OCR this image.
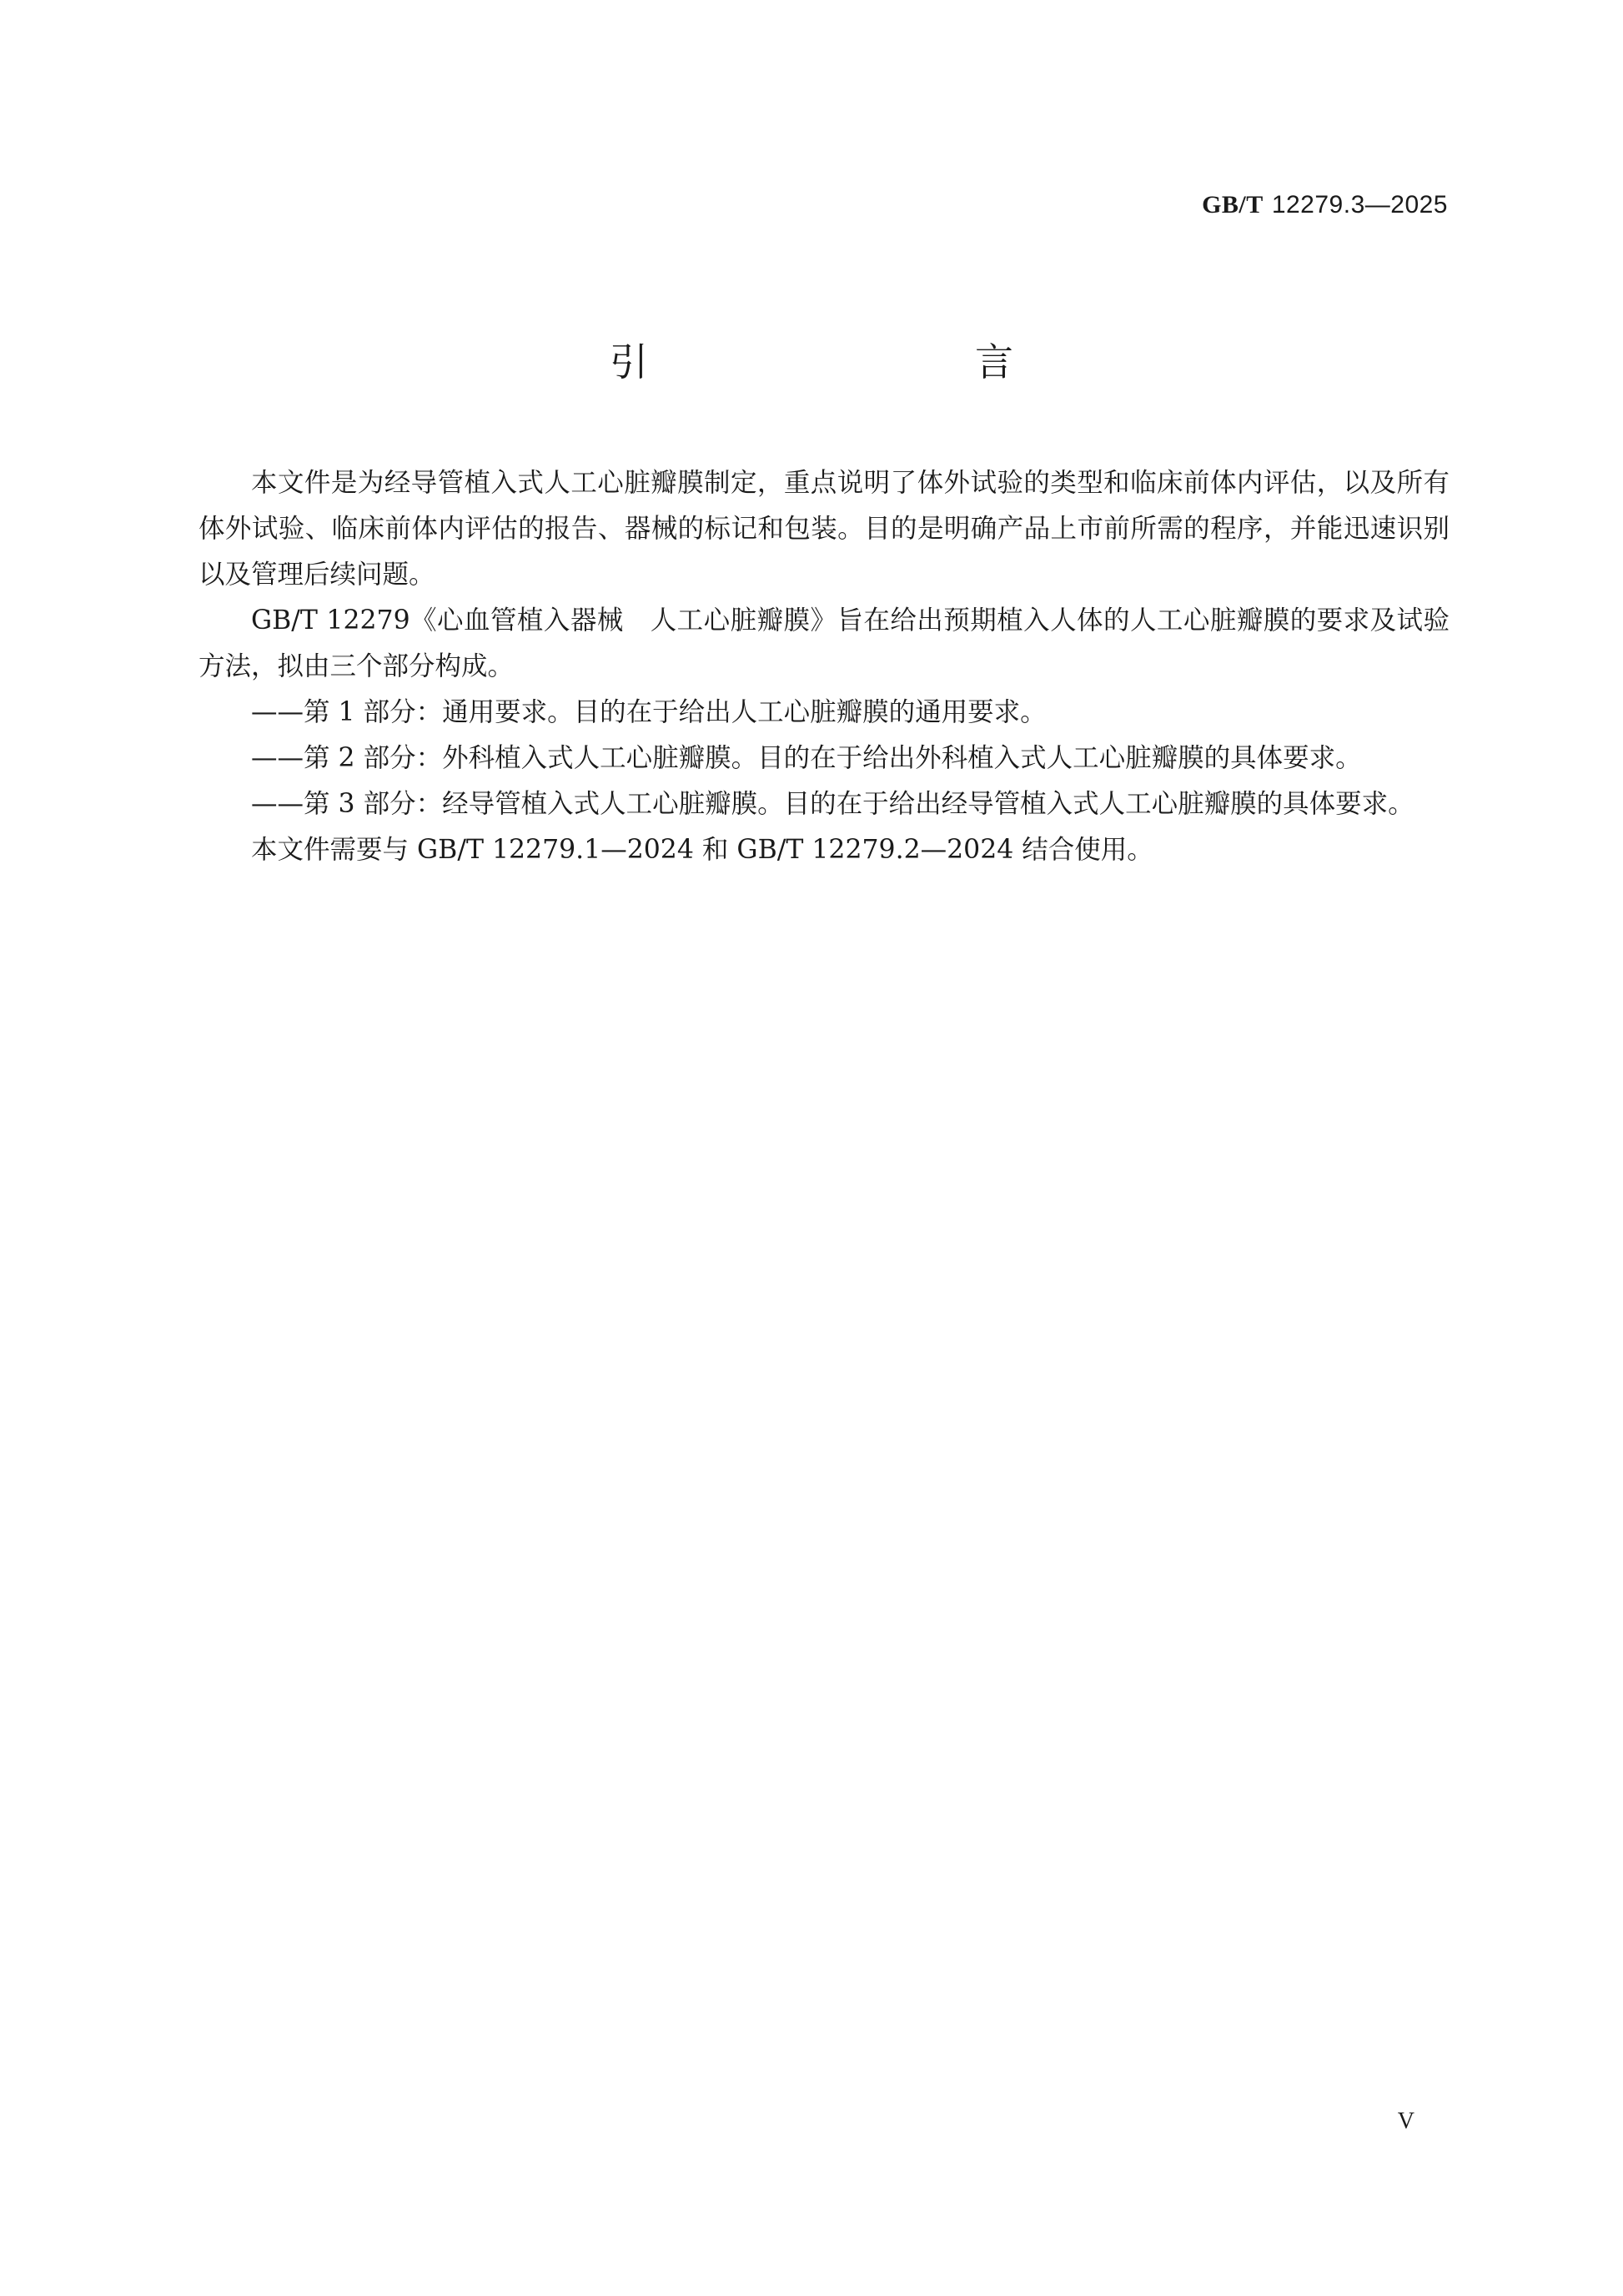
GB/T 12279.3—2025
引　　言

本文件是为经导管植入式人工心脏瓣膜制定，重点说明了体外试验的类型和临床前体内评估，以及所有体外试验、临床前体内评估的报告、器械的标记和包装。目的是明确产品上市前所需的程序，并能迅速识别以及管理后续问题。

GB/T 12279《心血管植入器械　人工心脏瓣膜》旨在给出预期植入人体的人工心脏瓣膜的要求及试验方法，拟由三个部分构成。

——第 1 部分：通用要求。目的在于给出人工心脏瓣膜的通用要求。

——第 2 部分：外科植入式人工心脏瓣膜。目的在于给出外科植入式人工心脏瓣膜的具体要求。

——第 3 部分：经导管植入式人工心脏瓣膜。目的在于给出经导管植入式人工心脏瓣膜的具体要求。

本文件需要与 GB/T 12279.1—2024 和 GB/T 12279.2—2024 结合使用。

V
